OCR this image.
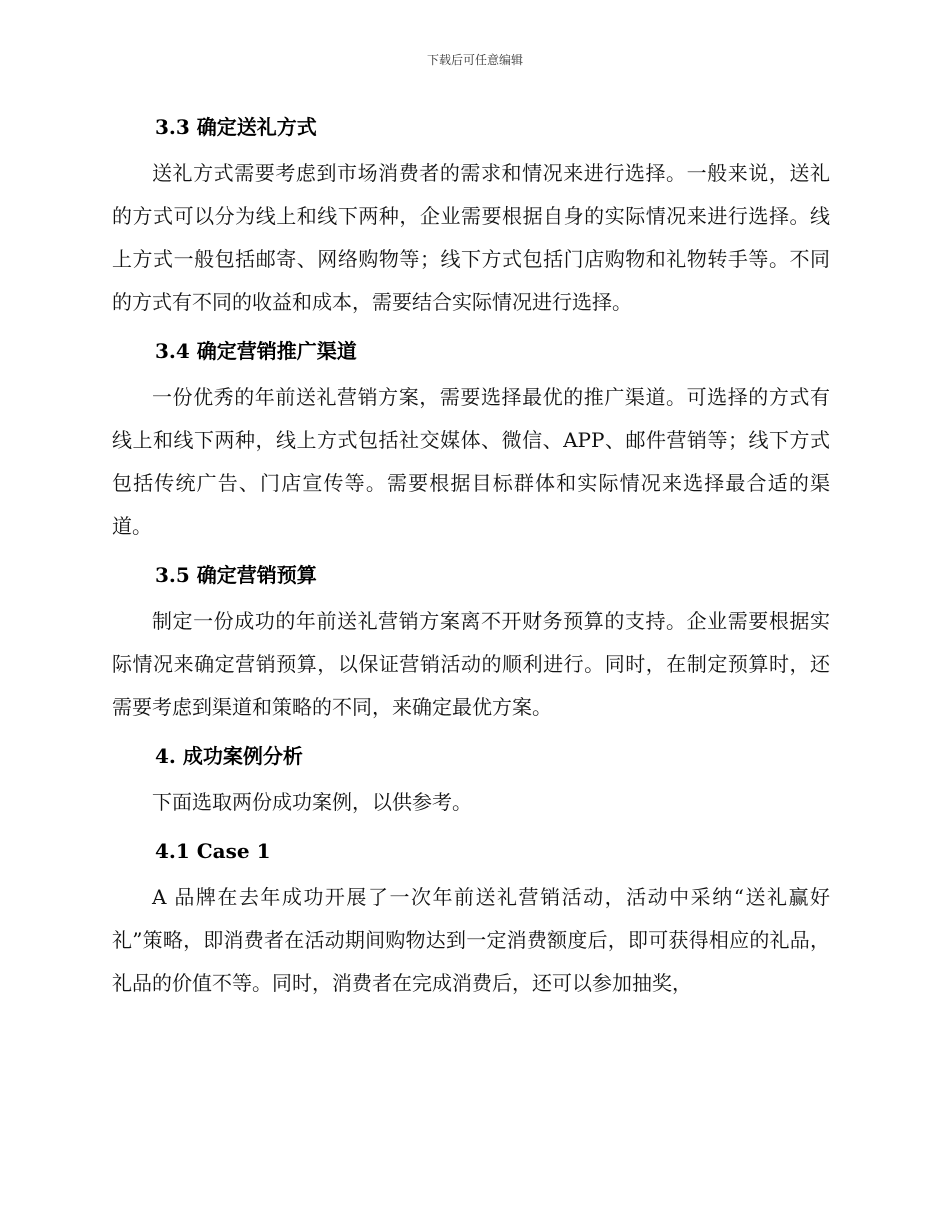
下载后可任意编辑
3.3 确定送礼方式

送礼方式需要考虑到市场消费者的需求和情况来进行选择。一般来说，送礼的方式可以分为线上和线下两种，企业需要根据自身的实际情况来进行选择。线上方式一般包括邮寄、网络购物等；线下方式包括门店购物和礼物转手等。不同的方式有不同的收益和成本，需要结合实际情况进行选择。

3.4 确定营销推广渠道

一份优秀的年前送礼营销方案，需要选择最优的推广渠道。可选择的方式有线上和线下两种，线上方式包括社交媒体、微信、APP、邮件营销等；线下方式包括传统广告、门店宣传等。需要根据目标群体和实际情况来选择最合适的渠道。

3.5 确定营销预算

制定一份成功的年前送礼营销方案离不开财务预算的支持。企业需要根据实际情况来确定营销预算，以保证营销活动的顺利进行。同时，在制定预算时，还需要考虑到渠道和策略的不同，来确定最优方案。

4. 成功案例分析

下面选取两份成功案例，以供参考。

4.1 Case 1

A 品牌在去年成功开展了一次年前送礼营销活动，活动中采纳“送礼赢好礼”策略，即消费者在活动期间购物达到一定消费额度后，即可获得相应的礼品，礼品的价值不等。同时，消费者在完成消费后，还可以参加抽奖，
